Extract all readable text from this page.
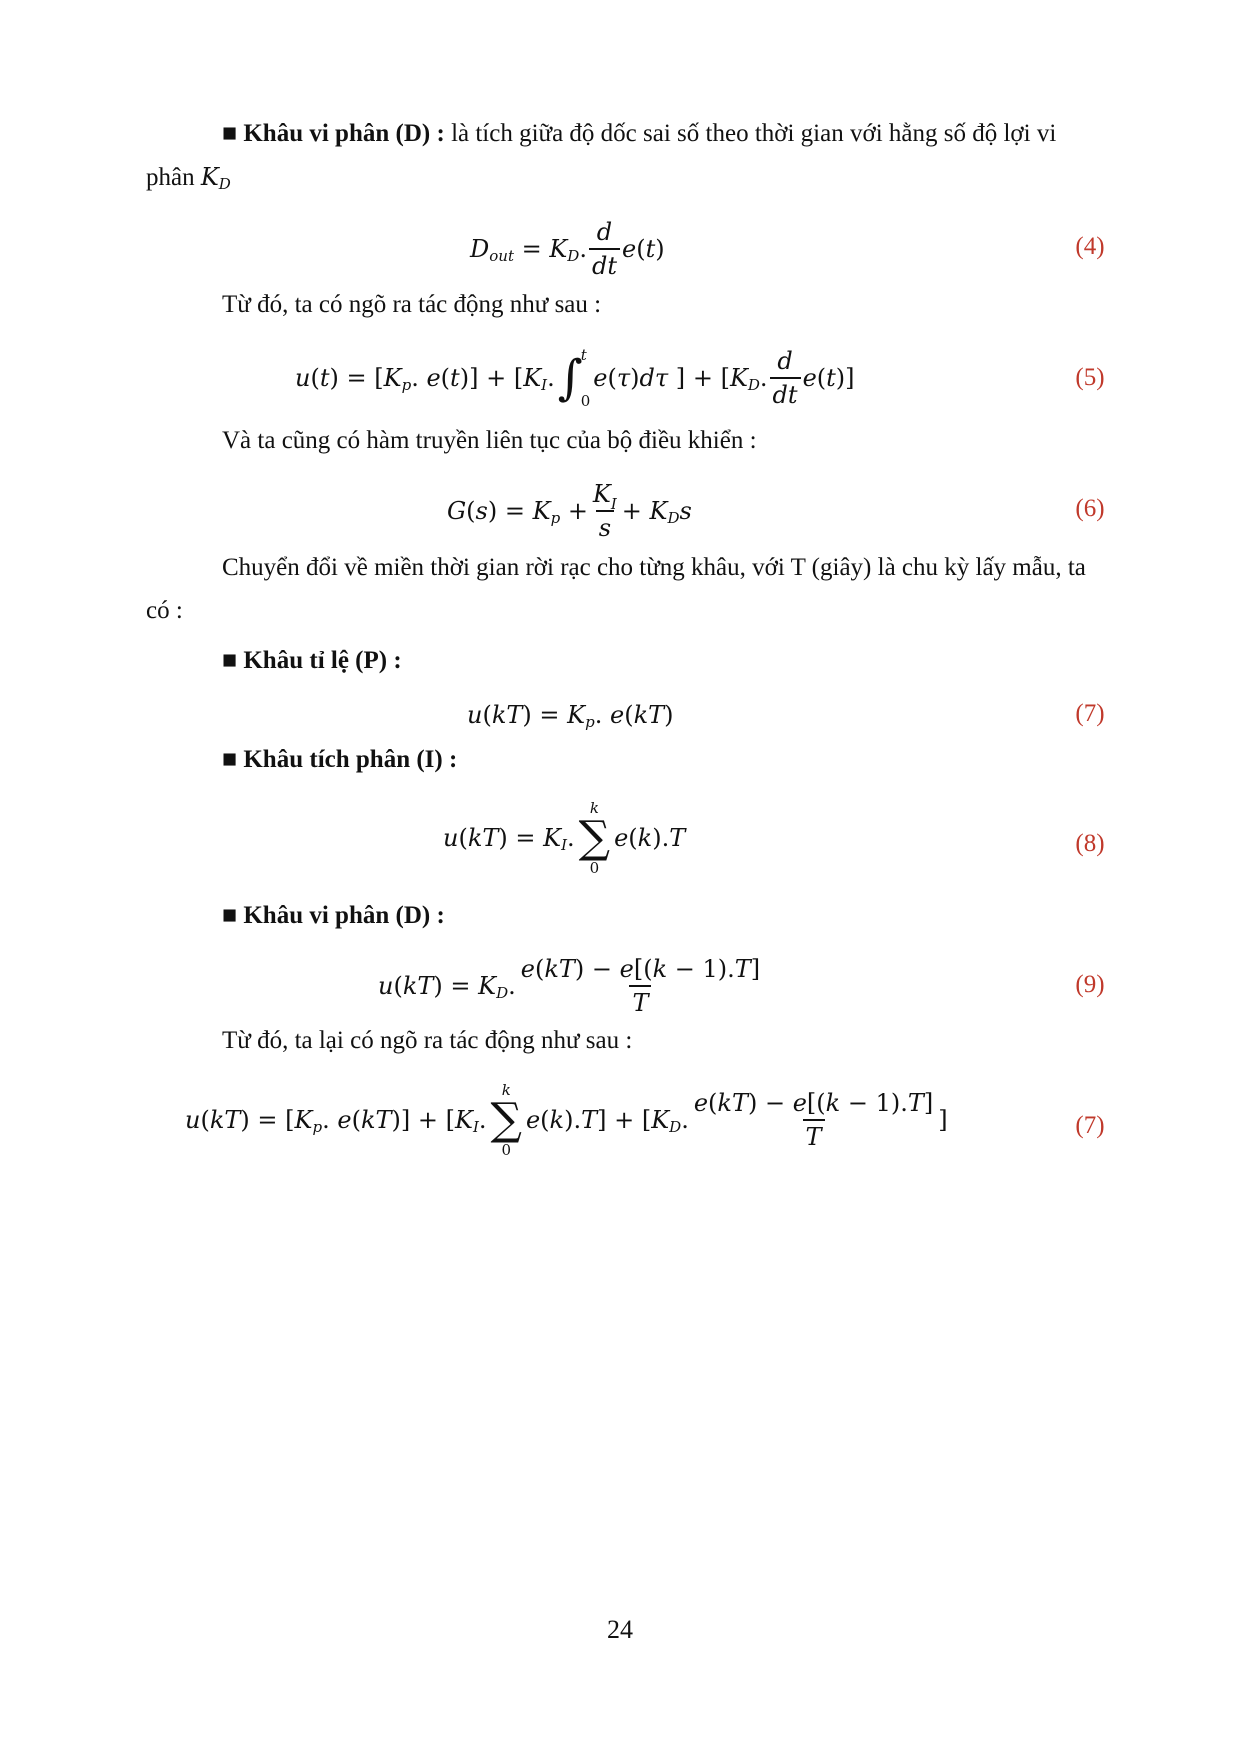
■ Khâu vi phân (D) : là tích giữa độ dốc sai số theo thời gian với hằng số độ lợi vi
phân K D
D out
= K D . $\frac{d}{dt}$ e ( t )	(4)
Từ đó, ta có ngõ ra tác động như sau :
u ( t )
=
[ K p . e ( t )]
+
[ K I . ∫
t
0
e ( τ ) dτ ]
+
[ K D . $\frac{d}{dt}$ e ( t )]	(5)
Và ta cũng có hàm truyền liên tục của bộ điều khiển :
G ( s )
= K p
+ $\frac{K_I}{s} + K$ D s	(6)
Chuyển đổi về miền thời gian rời rạc cho từng khâu, với T (giây) là chu kỳ lấy mẫu, ta
có :
■ Khâu tỉ lệ (P) :
u ( kT )
= K p . e ( kT )	(7)
■ Khâu tích phân (I) :
u ( kT )
= K I .
k
∑
0
e ( k ). T	(8)
■ Khâu vi phân (D) :
u ( kT )
= K D . $\frac{e(kT) - e[(k - 1).T]}{T}$	(9)
Từ đó, ta lại có ngõ ra tác động như sau :
u ( kT )
=
[ K p . e ( kT )]
+
[ K I .
k
∑
0
e ( k ). T ]
+
[ K D . $\frac{e(kT) - e[(k - 1).T]}{T}$ ]	(7)
24
